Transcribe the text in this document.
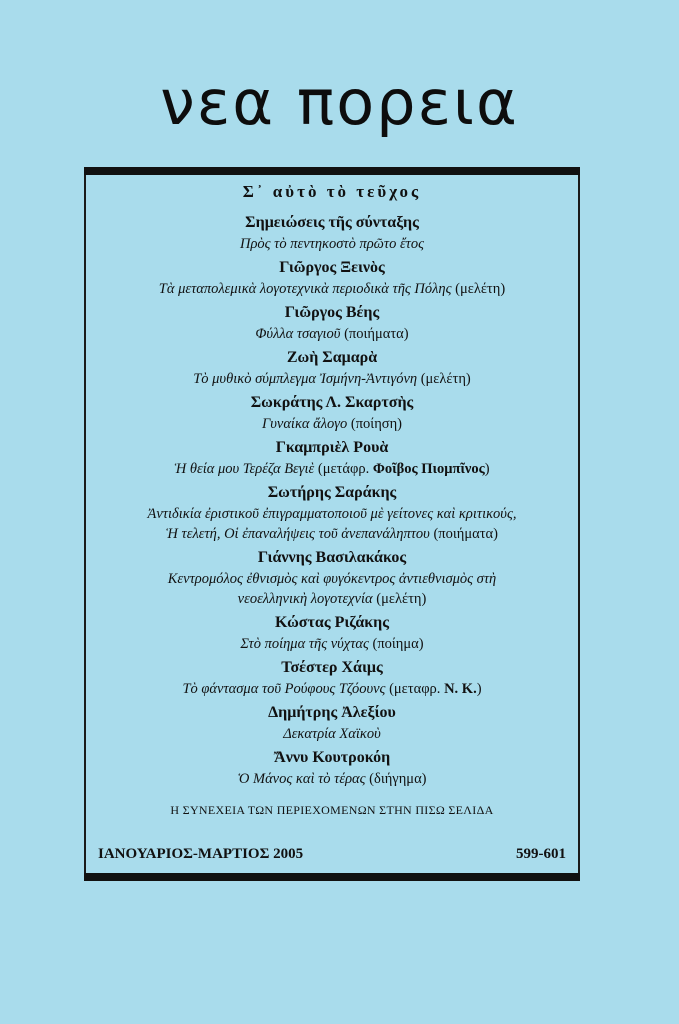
νεα πορεια
Σ᾽ αὐτὸ τὸ τεῦχος
Σημειώσεις τῆς σύνταξης
Πρὸς τὸ πεντηκοστὸ πρῶτο ἔτος
Γιῶργος Ξεινὸς
Τὰ μεταπολεμικὰ λογοτεχνικὰ περιοδικὰ τῆς Πόλης (μελέτη)
Γιῶργος Βέης
Φύλλα τσαγιοῦ (ποιήματα)
Ζωὴ Σαμαρὰ
Τὸ μυθικὸ σύμπλεγμα Ἰσμήνη-Ἀντιγόνη (μελέτη)
Σωκράτης Λ. Σκαρτσὴς
Γυναίκα ἄλογο (ποίηση)
Γκαμπριὲλ Ρουὰ
Ἡ θεία μου Τερέζα Βεγιὲ (μετάφρ. Φοῖβος Πιομπῖνος)
Σωτήρης Σαράκης
Ἀντιδικία ἐριστικοῦ ἐπιγραμματοποιοῦ μὲ γείτονες καὶ κριτικούς,
Ἡ τελετή, Οἱ ἐπαναλήψεις τοῦ ἀνεπανάληπτου (ποιήματα)
Γιάννης Βασιλακάκος
Κεντρομόλος ἐθνισμὸς καὶ φυγόκεντρος ἀντιεθνισμὸς στὴ
νεοελληνικὴ λογοτεχνία (μελέτη)
Κώστας Ριζάκης
Στὸ ποίημα τῆς νύχτας (ποίημα)
Τσέστερ Χάιμς
Τὸ φάντασμα τοῦ Ρούφους Τζόουνς (μεταφρ. Ν. Κ.)
Δημήτρης Ἀλεξίου
Δεκατρία Χαϊκοὺ
Ἄννυ Κουτροκόη
Ὁ Μάνος καὶ τὸ τέρας (διήγημα)
Η ΣΥΝΕΧΕΙΑ ΤΩΝ ΠΕΡΙΕΧΟΜΕΝΩΝ ΣΤΗΝ ΠΙΣΩ ΣΕΛΙΔΑ
ΙΑΝΟΥΑΡΙΟΣ-ΜΑΡΤΙΟΣ 2005	599-601
